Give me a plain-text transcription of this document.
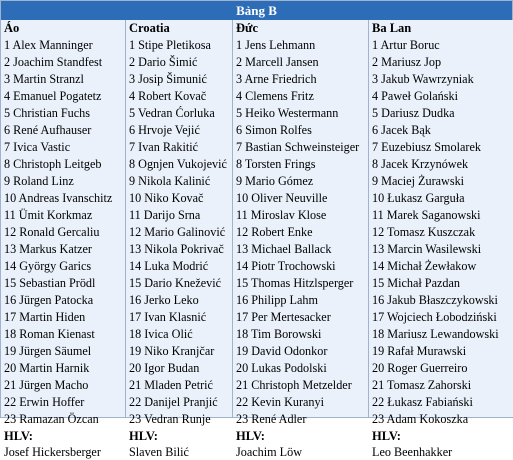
Bảng B
Áo
1 Alex Manninger
2 Joachim Standfest
3 Martin Stranzl
4 Emanuel Pogatetz
5 Christian Fuchs
6 René Aufhauser
7 Ivica Vastic
8 Christoph Leitgeb
9 Roland Linz
10 Andreas Ivanschitz
11 Ümit Korkmaz
12 Ronald Gercaliu
13 Markus Katzer
14 György Garics
15 Sebastian Prödl
16 Jürgen Patocka
17 Martin Hiden
18 Roman Kienast
19 Jürgen Säumel
20 Martin Harnik
21 Jürgen Macho
22 Erwin Hoffer
23 Ramazan Özcan
HLV:
Josef Hickersberger
Croatia
1 Stipe Pletikosa
2 Dario Šimić
3 Josip Šimunić
4 Robert Kovač
5 Vedran Ćorluka
6 Hrvoje Vejić
7 Ivan Rakitić
8 Ognjen Vukojević
9 Nikola Kalinić
10 Niko Kovač
11 Darijo Srna
12 Mario Galinović
13 Nikola Pokrivač
14 Luka Modrić
15 Dario Knežević
16 Jerko Leko
17 Ivan Klasnić
18 Ivica Olić
19 Niko Kranjčar
20 Igor Budan
21 Mladen Petrić
22 Danijel Pranjić
23 Vedran Runje
HLV:
Slaven Bilić
Đức
1 Jens Lehmann
2 Marcell Jansen
3 Arne Friedrich
4 Clemens Fritz
5 Heiko Westermann
6 Simon Rolfes
7 Bastian Schweinsteiger
8 Torsten Frings
9 Mario Gómez
10 Oliver Neuville
11 Miroslav Klose
12 Robert Enke
13 Michael Ballack
14 Piotr Trochowski
15 Thomas Hitzlsperger
16 Philipp Lahm
17 Per Mertesacker
18 Tim Borowski
19 David Odonkor
20 Lukas Podolski
21 Christoph Metzelder
22 Kevin Kuranyi
23 René Adler
HLV:
Joachim Löw
Ba Lan
1 Artur Boruc
2 Mariusz Jop
3 Jakub Wawrzyniak
4 Paweł Golański
5 Dariusz Dudka
6 Jacek Bąk
7 Euzebiusz Smolarek
8 Jacek Krzynówek
9 Maciej Żurawski
10 Łukasz Garguła
11 Marek Saganowski
12 Tomasz Kuszczak
13 Marcin Wasilewski
14 Michał Żewłakow
15 Michał Pazdan
16 Jakub Błaszczykowski
17 Wojciech Łobodziński
18 Mariusz Lewandowski
19 Rafał Murawski
20 Roger Guerreiro
21 Tomasz Zahorski
22 Łukasz Fabiański
23 Adam Kokoszka
HLV:
Leo Beenhakker
